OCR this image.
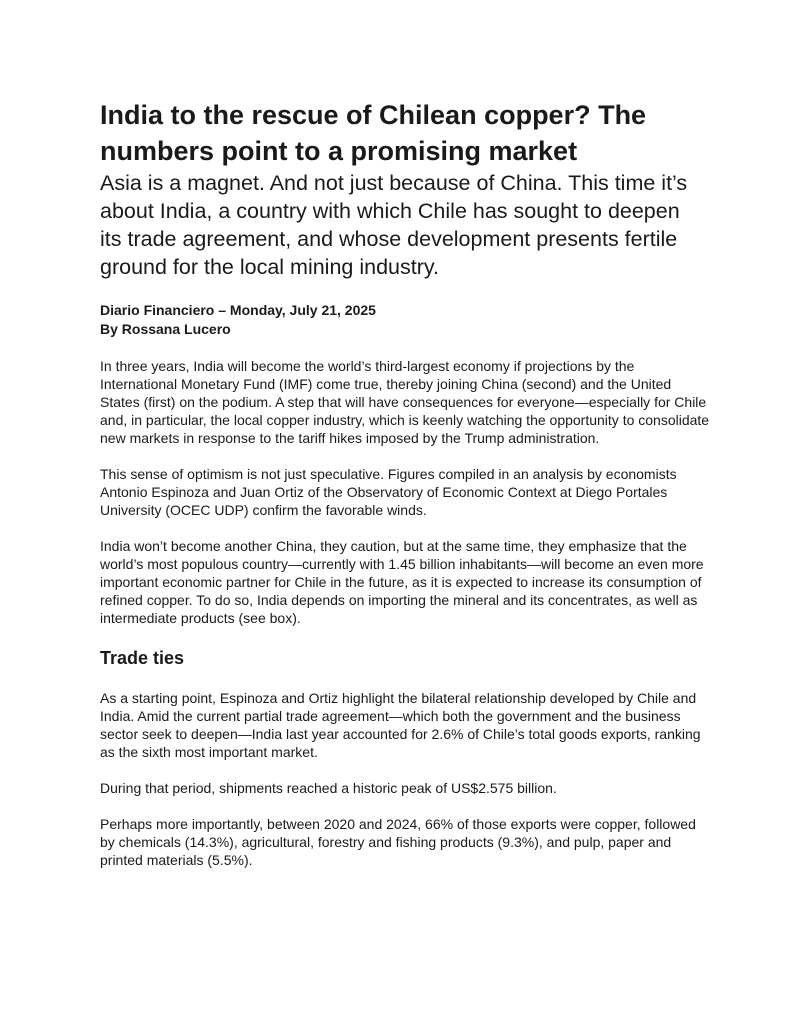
India to the rescue of Chilean copper? The numbers point to a promising market

Asia is a magnet. And not just because of China. This time it’s about India, a country with which Chile has sought to deepen its trade agreement, and whose development presents fertile ground for the local mining industry.

Diario Financiero – Monday, July 21, 2025
By Rossana Lucero

In three years, India will become the world’s third-largest economy if projections by the International Monetary Fund (IMF) come true, thereby joining China (second) and the United States (first) on the podium. A step that will have consequences for everyone—especially for Chile and, in particular, the local copper industry, which is keenly watching the opportunity to consolidate new markets in response to the tariff hikes imposed by the Trump administration.

This sense of optimism is not just speculative. Figures compiled in an analysis by economists Antonio Espinoza and Juan Ortiz of the Observatory of Economic Context at Diego Portales University (OCEC UDP) confirm the favorable winds.

India won’t become another China, they caution, but at the same time, they emphasize that the world’s most populous country—currently with 1.45 billion inhabitants—will become an even more important economic partner for Chile in the future, as it is expected to increase its consumption of refined copper. To do so, India depends on importing the mineral and its concentrates, as well as intermediate products (see box).

Trade ties

As a starting point, Espinoza and Ortiz highlight the bilateral relationship developed by Chile and India. Amid the current partial trade agreement—which both the government and the business sector seek to deepen—India last year accounted for 2.6% of Chile’s total goods exports, ranking as the sixth most important market.

During that period, shipments reached a historic peak of US$2.575 billion.

Perhaps more importantly, between 2020 and 2024, 66% of those exports were copper, followed by chemicals (14.3%), agricultural, forestry and fishing products (9.3%), and pulp, paper and printed materials (5.5%).
